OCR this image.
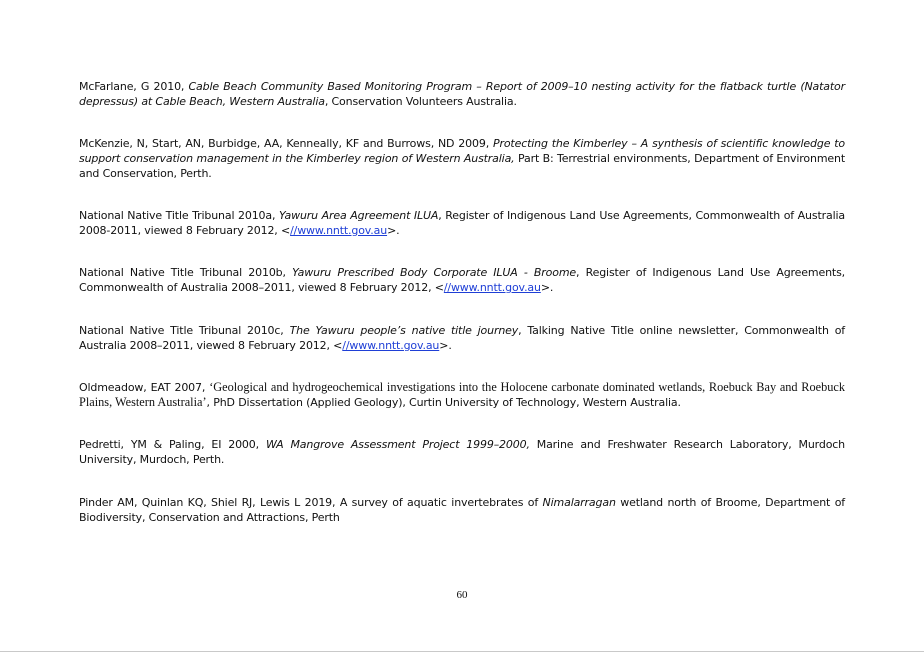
McFarlane, G 2010, Cable Beach Community Based Monitoring Program – Report of 2009–10 nesting activity for the flatback turtle (Natator depressus) at Cable Beach, Western Australia, Conservation Volunteers Australia.

McKenzie, N, Start, AN, Burbidge, AA, Kenneally, KF and Burrows, ND 2009, Protecting the Kimberley – A synthesis of scientific knowledge to support conservation management in the Kimberley region of Western Australia, Part B: Terrestrial environments, Department of Environment and Conservation, Perth.

National Native Title Tribunal 2010a, Yawuru Area Agreement ILUA, Register of Indigenous Land Use Agreements, Commonwealth of Australia 2008-2011, viewed 8 February 2012, <//www.nntt.gov.au>.

National Native Title Tribunal 2010b, Yawuru Prescribed Body Corporate ILUA - Broome, Register of Indigenous Land Use Agreements, Commonwealth of Australia 2008–2011, viewed 8 February 2012, <//www.nntt.gov.au>.

National Native Title Tribunal 2010c, The Yawuru people’s native title journey, Talking Native Title online newsletter, Commonwealth of Australia 2008–2011, viewed 8 February 2012, <//www.nntt.gov.au>.

Oldmeadow, EAT 2007, ‘Geological and hydrogeochemical investigations into the Holocene carbonate dominated wetlands, Roebuck Bay and Roebuck Plains, Western Australia’, PhD Dissertation (Applied Geology), Curtin University of Technology, Western Australia.

Pedretti, YM & Paling, EI 2000, WA Mangrove Assessment Project 1999–2000, Marine and Freshwater Research Laboratory, Murdoch University, Murdoch, Perth.

Pinder AM, Quinlan KQ, Shiel RJ, Lewis L 2019, A survey of aquatic invertebrates of Nimalarragan wetland north of Broome, Department of Biodiversity, Conservation and Attractions, Perth

60
